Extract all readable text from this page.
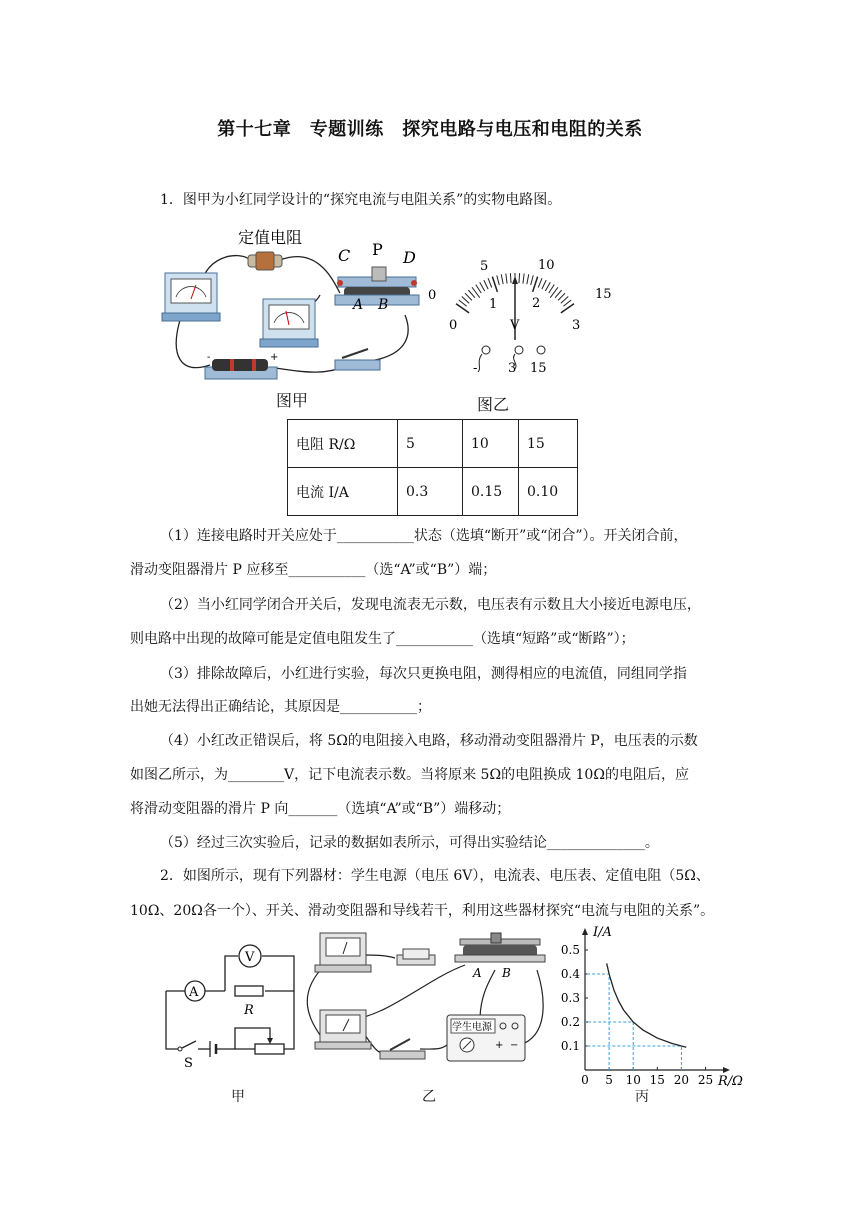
第十七章　专题训练　探究电路与电压和电阻的关系
1．图甲为小红同学设计的“探究电流与电阻关系”的实物电路图。
定值电阻
-	+
C P D
A B
图甲
0
5	10
15
0
1	2
3
V
- 3 15
图乙
电阻 R/Ω	5	10	15
电流 I/A	0.3	0.15	0.10
（1）连接电路时开关应处于___________状态（选填“断开”或“闭合”）。开关闭合前，
滑动变阻器滑片 P 应移至___________（选“A”或“B”）端；
（2）当小红同学闭合开关后，发现电流表无示数，电压表有示数且大小接近电源电压，
则电路中出现的故障可能是定值电阻发生了___________（选填“短路”或“断路”）；
（3）排除故障后，小红进行实验，每次只更换电阻，测得相应的电流值，同组同学指
出她无法得出正确结论，其原因是___________；
（4）小红改正错误后，将 5Ω的电阻接入电路，移动滑动变阻器滑片 P，电压表的示数
如图乙所示，为________V，记下电流表示数。当将原来 5Ω的电阻换成 10Ω的电阻后，应
将滑动变阻器的滑片 P 向_______（选填“A”或“B”）端移动；
（5）经过三次实验后，记录的数据如表所示，可得出实验结论______________。
2．如图所示，现有下列器材：学生电源（电压 6V），电流表、电压表、定值电阻（5Ω、
10Ω、20Ω各一个）、开关、滑动变阻器和导线若干，利用这些器材探究“电流与电阻的关系”。
A
V
R
S
甲
A B
+ −
学生电源
乙
0 5 10 15 20 25
0.1
0.2
0.3
0.4
0.5
I/A
R/Ω
丙
